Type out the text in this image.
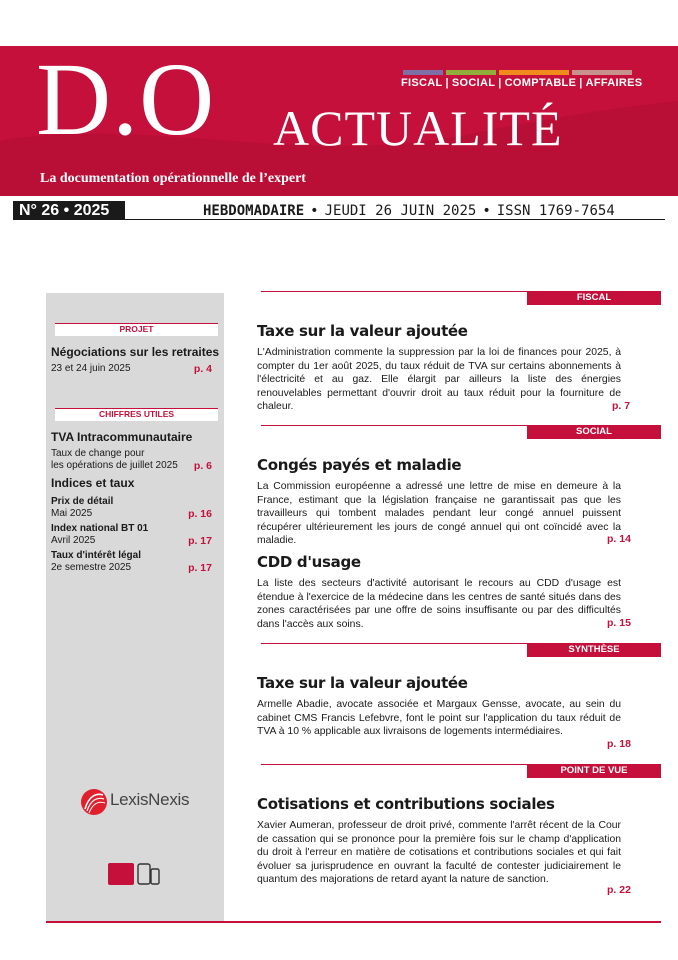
FISCAL | SOCIAL | COMPTABLE | AFFAIRES
D.O ACTUALITÉ
La documentation opérationnelle de l’expert
N° 26 • 2025	HEBDOMADAIRE • JEUDI 26 JUIN 2025 • ISSN 1769-7654
PROJET
Négociations sur les retraites
23 et 24 juin 2025	p. 4
CHIFFRES UTILES
TVA Intracommunautaire
Taux de change pour
les opérations de juillet 2025 p. 6
Indices et taux
Prix de détail
Mai 2025	p. 16
Index national BT 01
Avril 2025	p. 17
Taux d'intérêt légal
2e semestre 2025	p. 17
LexisNexis
FISCAL
Taxe sur la valeur ajoutée
L'Administration commente la suppression par la loi de finances pour 2025, à compter du 1er août 2025, du taux réduit de TVA sur certains abonnements à l'électricité et au gaz. Elle élargit par ailleurs la liste des énergies renouvelables permettant d'ouvrir droit au taux réduit pour la fourniture de chaleur.	p. 7
SOCIAL
Congés payés et maladie
La Commission européenne a adressé une lettre de mise en demeure à la France, estimant que la législation française ne garantissait pas que les travailleurs qui tombent malades pendant leur congé annuel puissent récupérer ultérieurement les jours de congé annuel qui ont coïncidé avec la maladie.	p. 14
CDD d'usage
La liste des secteurs d'activité autorisant le recours au CDD d'usage est étendue à l'exercice de la médecine dans les centres de santé situés dans des zones caractérisées par une offre de soins insuffisante ou par des difficultés dans l'accès aux soins.	p. 15
SYNTHÈSE
Taxe sur la valeur ajoutée
Armelle Abadie, avocate associée et Margaux Gensse, avocate, au sein du cabinet CMS Francis Lefebvre, font le point sur l'application du taux réduit de TVA à 10 % applicable aux livraisons de logements intermédiaires.
p. 18
POINT DE VUE
Cotisations et contributions sociales
Xavier Aumeran, professeur de droit privé, commente l'arrêt récent de la Cour de cassation qui se prononce pour la première fois sur le champ d'application du droit à l'erreur en matière de cotisations et contributions sociales et qui fait évoluer sa jurisprudence en ouvrant la faculté de contester judiciairement le quantum des majorations de retard ayant la nature de sanction.
p. 22
